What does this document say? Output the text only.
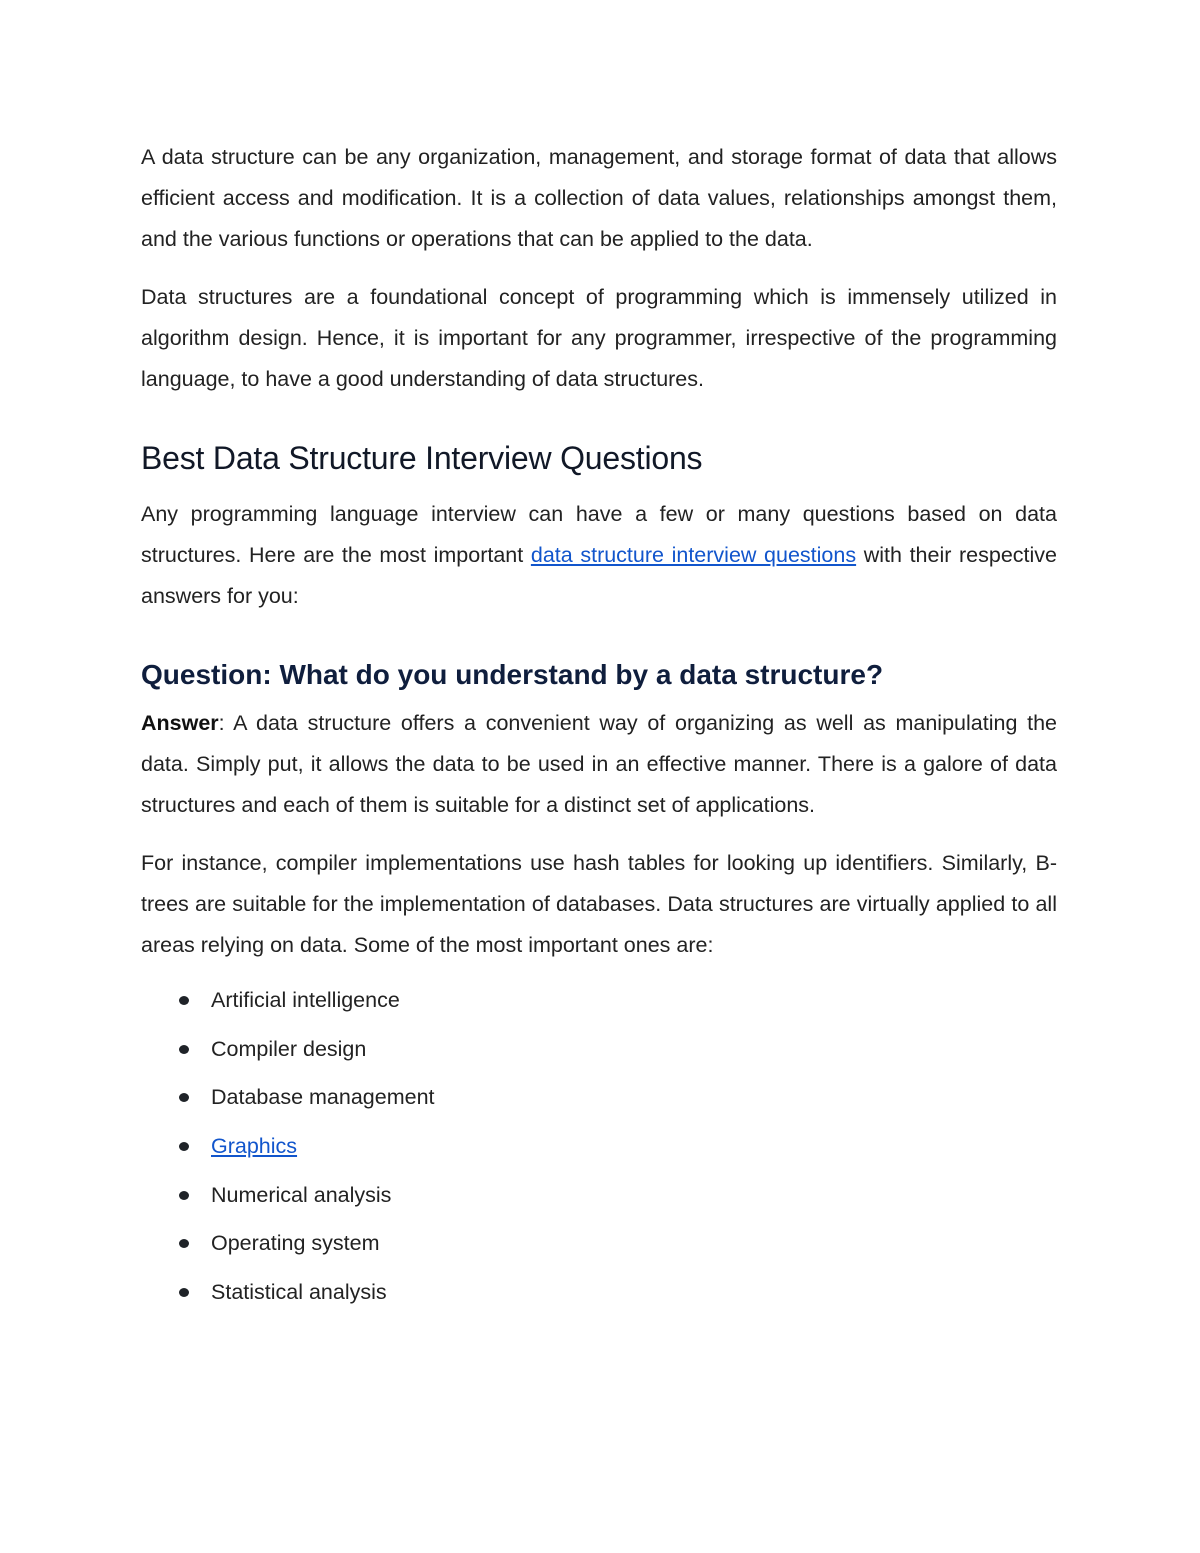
A data structure can be any organization, management, and storage format of data that allows efficient access and modification. It is a collection of data values, relationships amongst them, and the various functions or operations that can be applied to the data.

Data structures are a foundational concept of programming which is immensely utilized in algorithm design. Hence, it is important for any programmer, irrespective of the programming language, to have a good understanding of data structures.

Best Data Structure Interview Questions

Any programming language interview can have a few or many questions based on data structures. Here are the most important data structure interview questions with their respective answers for you:

Question: What do you understand by a data structure?

Answer: A data structure offers a convenient way of organizing as well as manipulating the data. Simply put, it allows the data to be used in an effective manner. There is a galore of data structures and each of them is suitable for a distinct set of applications.

For instance, compiler implementations use hash tables for looking up identifiers. Similarly, B-trees are suitable for the implementation of databases. Data structures are virtually applied to all areas relying on data. Some of the most important ones are:

Artificial intelligence
Compiler design
Database management
Graphics
Numerical analysis
Operating system
Statistical analysis
